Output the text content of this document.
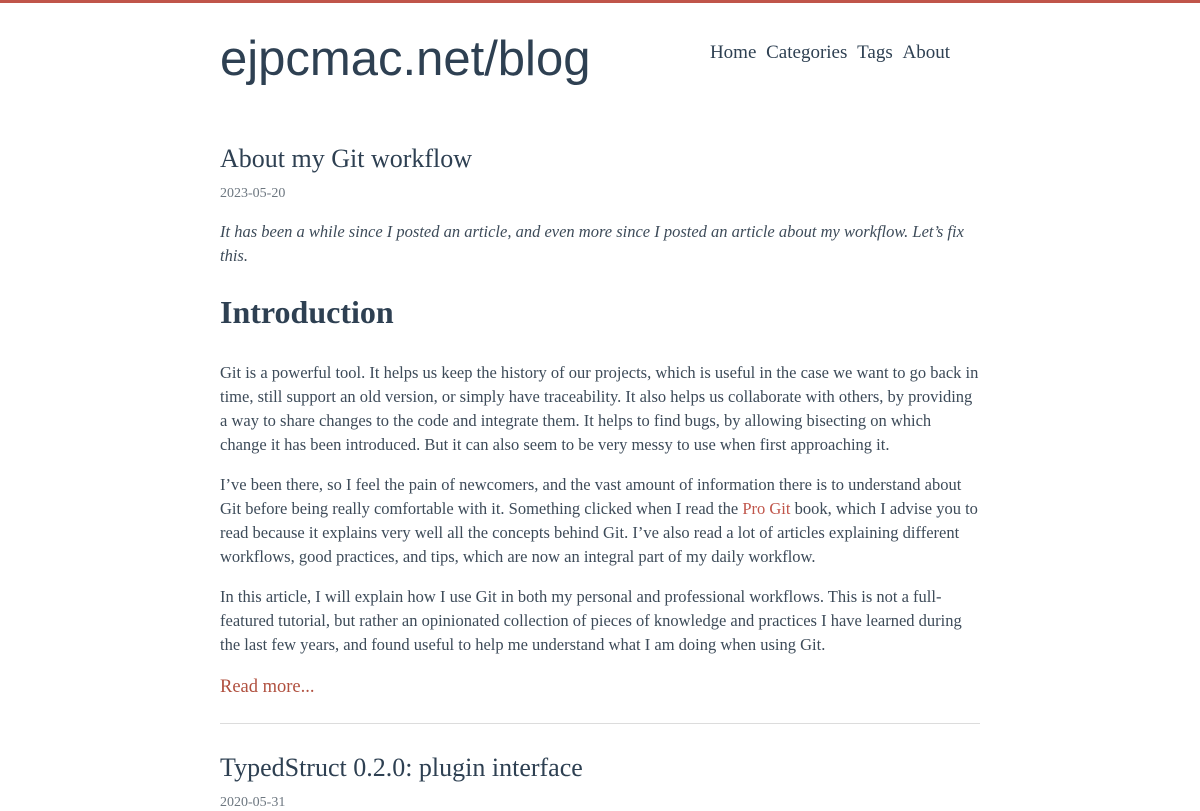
ejpcmac.net/blog	Home Categories Tags About
About my Git workflow
2023-05-20

It has been a while since I posted an article, and even more since I posted an article about my workflow. Let’s fix this.

Introduction

Git is a powerful tool. It helps us keep the history of our projects, which is useful in the case we want to go back in time, still support an old version, or simply have traceability. It also helps us collaborate with others, by providing a way to share changes to the code and integrate them. It helps to find bugs, by allowing bisecting on which change it has been introduced. But it can also seem to be very messy to use when first approaching it.

I’ve been there, so I feel the pain of newcomers, and the vast amount of information there is to understand about Git before being really comfortable with it. Something clicked when I read the Pro Git book, which I advise you to read because it explains very well all the concepts behind Git. I’ve also read a lot of articles explaining different workflows, good practices, and tips, which are now an integral part of my daily workflow.

In this article, I will explain how I use Git in both my personal and professional workflows. This is not a full-featured tutorial, but rather an opinionated collection of pieces of knowledge and practices I have learned during the last few years, and found useful to help me understand what I am doing when using Git.

Read more...
TypedStruct 0.2.0: plugin interface
2020-05-31
